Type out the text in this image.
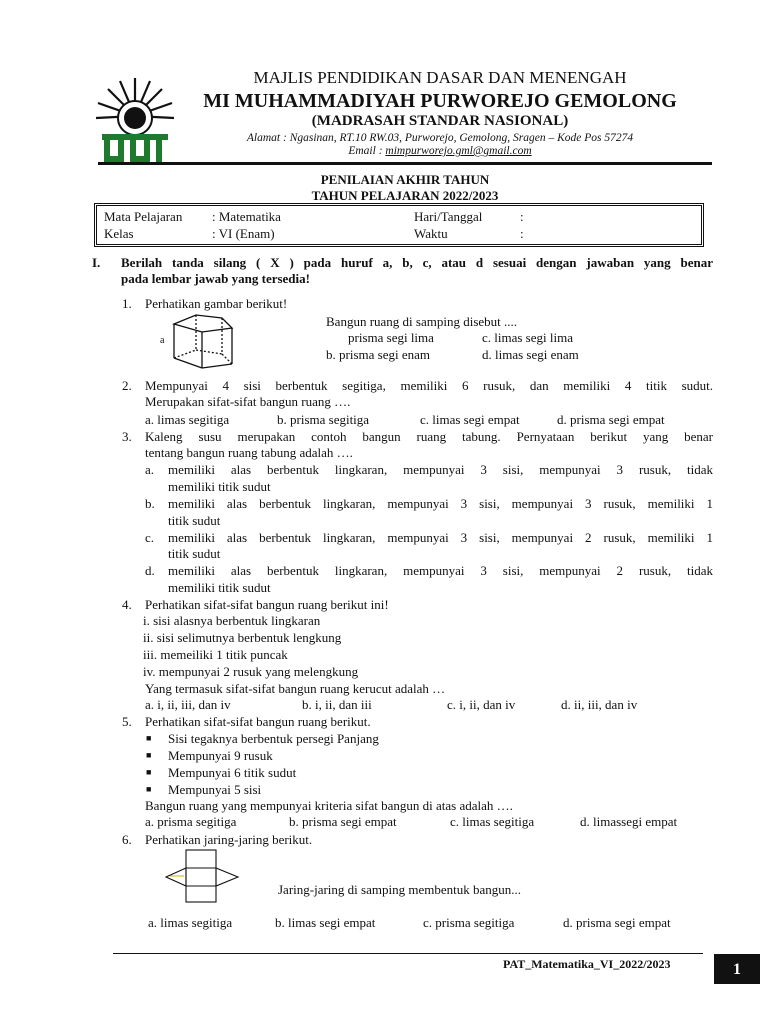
MAJLIS PENDIDIKAN DASAR DAN MENENGAH
MI MUHAMMADIYAH PURWOREJO GEMOLONG
(MADRASAH STANDAR NASIONAL)
Alamat : Ngasinan, RT.10 RW.03, Purworejo, Gemolong, Sragen – Kode Pos 57274
Email : mimpurworejo.gml@gmail.com
PENILAIAN AKHIR TAHUN
TAHUN PELAJARAN 2022/2023
Mata Pelajaran : Matematika	Hari/Tanggal	:
Kelas	: VI (Enam)	Waktu	:
I. Berilah tanda silang ( X ) pada huruf a, b, c, atau d sesuai dengan jawaban yang benar
pada lembar jawab yang tersedia!
1. Perhatikan gambar berikut!
a
Bangun ruang di samping disebut ....
prisma segi lima	c. limas segi lima
b. prisma segi enam	d. limas segi enam
2. Mempunyai 4 sisi berbentuk segitiga, memiliki 6 rusuk, dan memiliki 4 titik sudut.
Merupakan sifat-sifat bangun ruang ….
a. limas segitiga	b. prisma segitiga	c. limas segi empat	d. prisma segi empat
3. Kaleng susu merupakan contoh bangun ruang tabung. Pernyataan berikut yang benar
tentang bangun ruang tabung adalah ….
a. memiliki alas berbentuk lingkaran, mempunyai 3 sisi, mempunyai 3 rusuk, tidak
memiliki titik sudut
b. memiliki alas berbentuk lingkaran, mempunyai 3 sisi, mempunyai 3 rusuk, memiliki 1
titik sudut
c. memiliki alas berbentuk lingkaran, mempunyai 3 sisi, mempunyai 2 rusuk, memiliki 1
titik sudut
d. memiliki alas berbentuk lingkaran, mempunyai 3 sisi, mempunyai 2 rusuk, tidak
memiliki titik sudut
4. Perhatikan sifat-sifat bangun ruang berikut ini!
i. sisi alasnya berbentuk lingkaran
ii. sisi selimutnya berbentuk lengkung
iii. memeiliki 1 titik puncak
iv. mempunyai 2 rusuk yang melengkung
Yang termasuk sifat-sifat bangun ruang kerucut adalah …
a. i, ii, iii, dan iv	b. i, ii, dan iii	c. i, ii, dan iv	d. ii, iii, dan iv
5. Perhatikan sifat-sifat bangun ruang berikut.
■ Sisi tegaknya berbentuk persegi Panjang
■ Mempunyai 9 rusuk
■ Mempunyai 6 titik sudut
■ Mempunyai 5 sisi
Bangun ruang yang mempunyai kriteria sifat bangun di atas adalah ….
a. prisma segitiga	b. prisma segi empat	c. limas segitiga	d. limassegi empat
6. Perhatikan jaring-jaring berikut.
Jaring-jaring di samping membentuk bangun...
a. limas segitiga	b. limas segi empat	c. prisma segitiga	d. prisma segi empat
PAT_Matematika_VI_2022/2023	1
